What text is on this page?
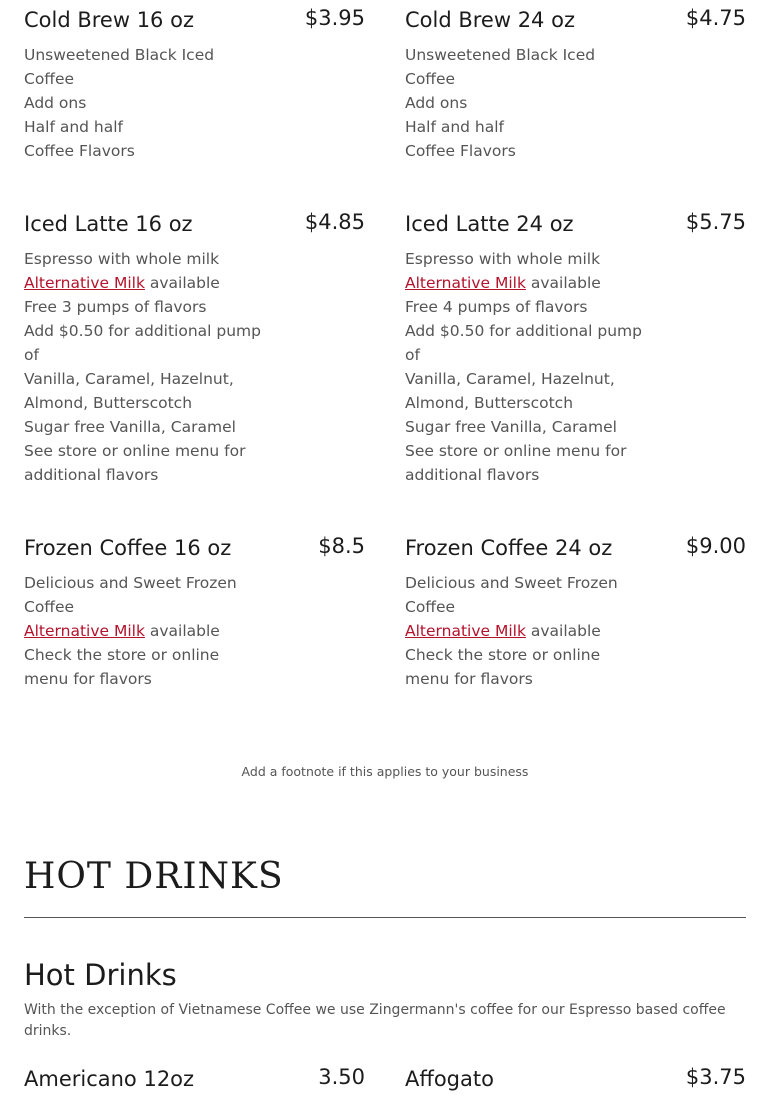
Cold Brew 16 oz	$3.95
Unsweetened Black Iced Coffee
Add ons
Half and half
Coffee Flavors
Cold Brew 24 oz	$4.75
Unsweetened Black Iced Coffee
Add ons
Half and half
Coffee Flavors
Iced Latte 16 oz	$4.85
Espresso with whole milk
Alternative Milk available
Free 3 pumps of flavors
Add $0.50 for additional pump of
Vanilla, Caramel, Hazelnut, Almond, Butterscotch
Sugar free Vanilla, Caramel
See store or online menu for additional flavors
Iced Latte 24 oz	$5.75
Espresso with whole milk
Alternative Milk available
Free 4 pumps of flavors
Add $0.50 for additional pump of
Vanilla, Caramel, Hazelnut, Almond, Butterscotch
Sugar free Vanilla, Caramel
See store or online menu for additional flavors
Frozen Coffee 16 oz	$8.5
Delicious and Sweet Frozen Coffee
Alternative Milk available
Check the store or online menu for flavors
Frozen Coffee 24 oz	$9.00
Delicious and Sweet Frozen Coffee
Alternative Milk available
Check the store or online menu for flavors
Add a footnote if this applies to your business
HOT DRINKS
Hot Drinks
With the exception of Vietnamese Coffee we use Zingermann's coffee for our Espresso based coffee drinks.
Americano 12oz	3.50 Affogato	$3.75
